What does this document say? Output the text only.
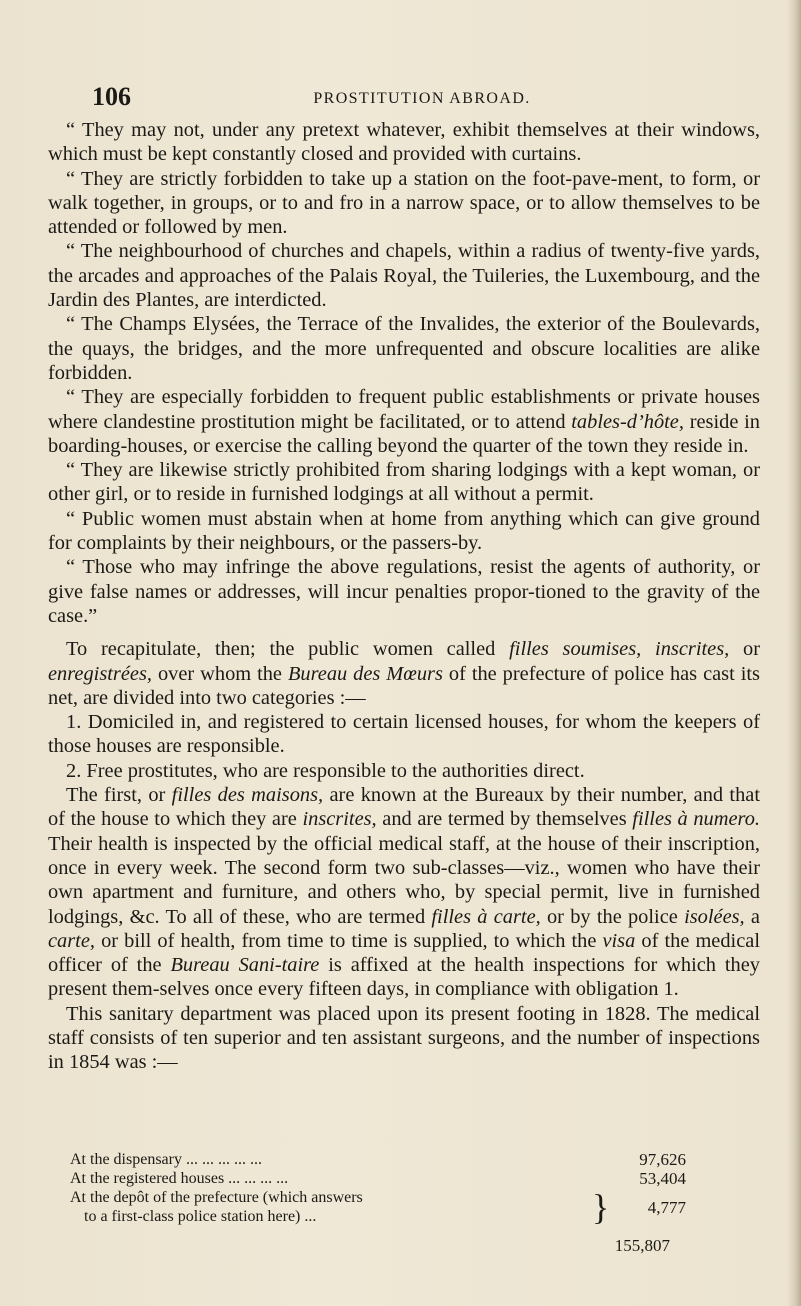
106	PROSTITUTION ABROAD.

“ They may not, under any pretext whatever, exhibit themselves at their windows, which must be kept constantly closed and provided with curtains.

“ They are strictly forbidden to take up a station on the foot-pave-ment, to form, or walk together, in groups, or to and fro in a narrow space, or to allow themselves to be attended or followed by men.

“ The neighbourhood of churches and chapels, within a radius of twenty-five yards, the arcades and approaches of the Palais Royal, the Tuileries, the Luxembourg, and the Jardin des Plantes, are interdicted.

“ The Champs Elysées, the Terrace of the Invalides, the exterior of the Boulevards, the quays, the bridges, and the more unfrequented and obscure localities are alike forbidden.

“ They are especially forbidden to frequent public establishments or private houses where clandestine prostitution might be facilitated, or to attend tables-d’hôte, reside in boarding-houses, or exercise the calling beyond the quarter of the town they reside in.

“ They are likewise strictly prohibited from sharing lodgings with a kept woman, or other girl, or to reside in furnished lodgings at all without a permit.

“ Public women must abstain when at home from anything which can give ground for complaints by their neighbours, or the passers-by.

“ Those who may infringe the above regulations, resist the agents of authority, or give false names or addresses, will incur penalties propor-tioned to the gravity of the case.”

To recapitulate, then; the public women called filles soumises, inscrites, or enregistrées, over whom the Bureau des Mœurs of the prefecture of police has cast its net, are divided into two categories :—

1. Domiciled in, and registered to certain licensed houses, for whom the keepers of those houses are responsible.

2. Free prostitutes, who are responsible to the authorities direct.

The first, or filles des maisons, are known at the Bureaux by their number, and that of the house to which they are inscrites, and are termed by themselves filles à numero. Their health is inspected by the official medical staff, at the house of their inscription, once in every week. The second form two sub-classes—viz., women who have their own apartment and furniture, and others who, by special permit, live in furnished lodgings, &c. To all of these, who are termed filles à carte, or by the police isolées, a carte, or bill of health, from time to time is supplied, to which the visa of the medical officer of the Bureau Sani-taire is affixed at the health inspections for which they present them-selves once every fifteen days, in compliance with obligation 1.

This sanitary department was placed upon its present footing in 1828. The medical staff consists of ten superior and ten assistant surgeons, and the number of inspections in 1854 was :—

At the dispensary ... ... ... ... ...	97,626
At the registered houses ... ... ... ...	53,404
At the depôt of the prefecture (which answers
to a first-class police station here) ...	}	4,777
155,807
